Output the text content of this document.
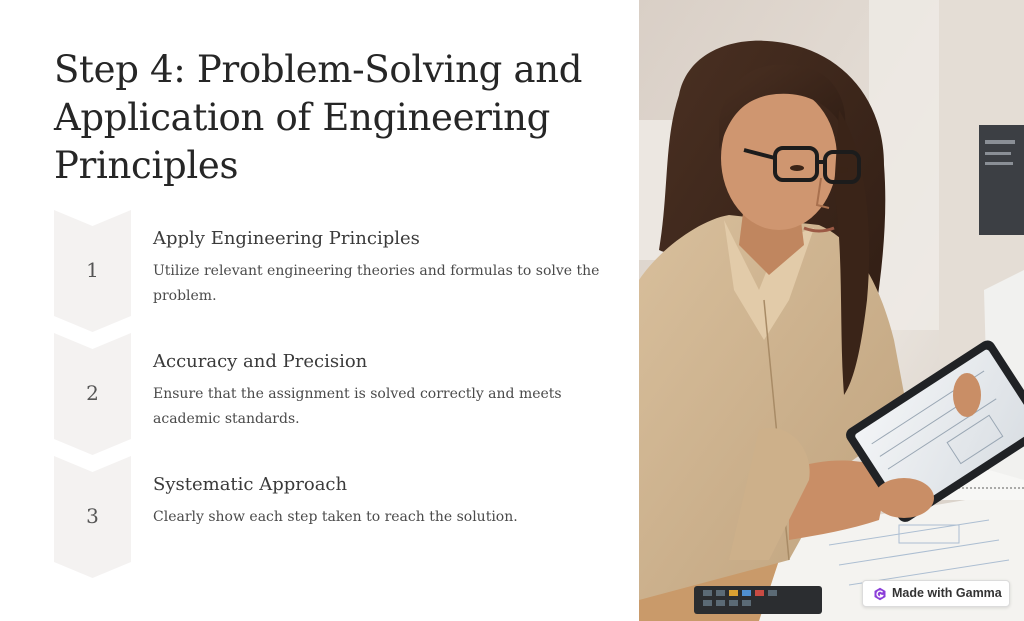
Step 4: Problem-Solving and Application of Engineering Principles
1
Apply Engineering Principles
Utilize relevant engineering theories and formulas to solve the problem.
2
Accuracy and Precision
Ensure that the assignment is solved correctly and meets academic standards.
3
Systematic Approach
Clearly show each step taken to reach the solution.
Made with Gamma
